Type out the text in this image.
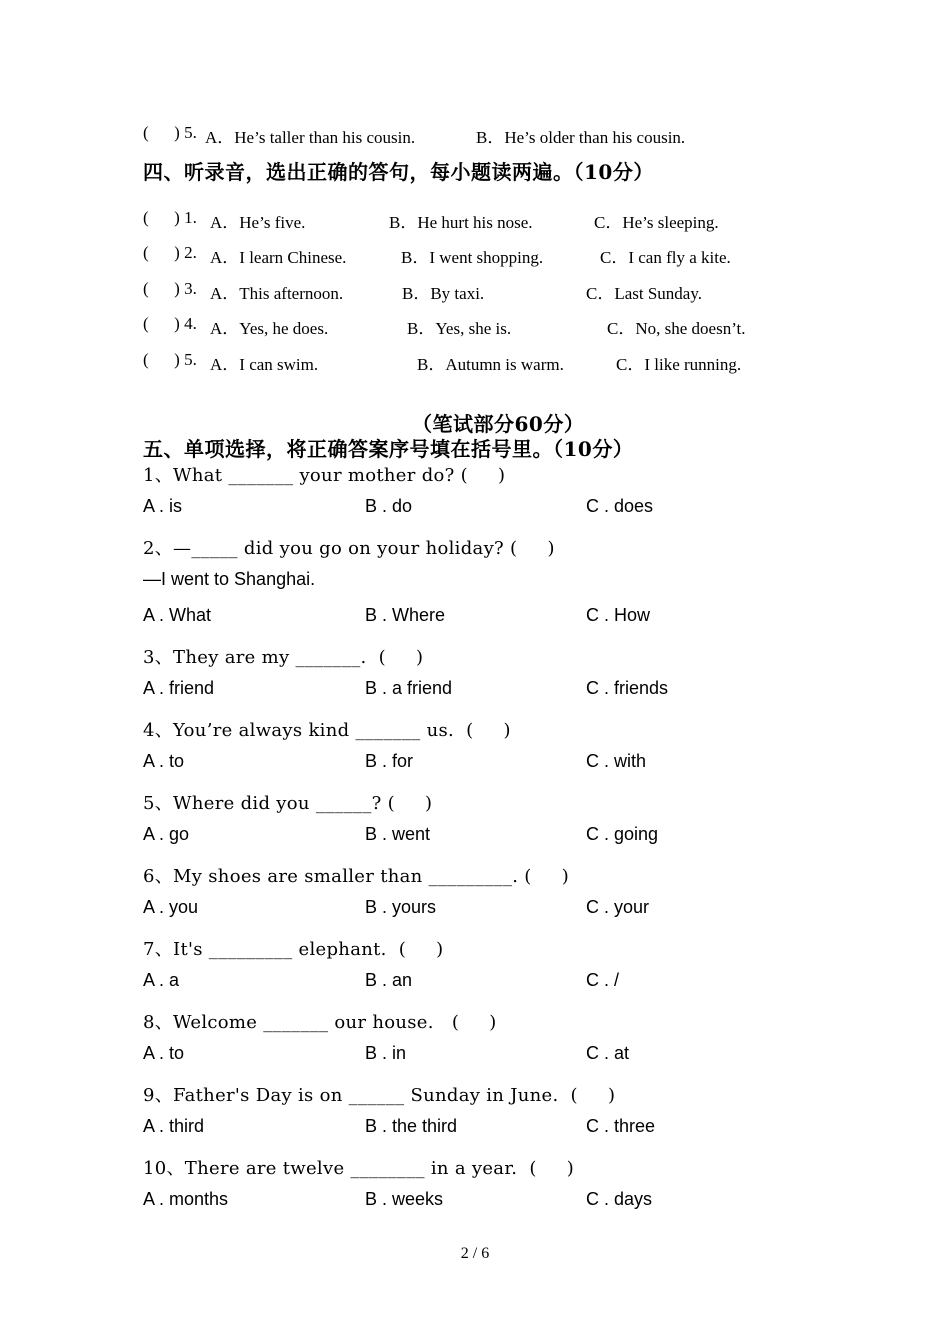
(      ) 5. A．He’s taller than his cousin.	B．He’s older than his cousin.
四、听录音，选出正确的答句，每小题读两遍。（10分）
(      ) 1. A．He’s five.	B．He hurt his nose.	C．He’s sleeping.
(      ) 2. A．I learn Chinese.	B．I went shopping.	C．I can fly a kite.
(      ) 3. A．This afternoon.	B．By taxi.	C．Last Sunday.
(      ) 4. A．Yes, he does.	B．Yes, she is.	C．No, she doesn’t.
(      ) 5. A．I can swim.	B．Autumn is warm.	C．I like running.
（笔试部分60分）
五、单项选择，将正确答案序号填在括号里。（10分）
1、What _______ your mother do? (     )
A . is	B . do	C . does
2、—_____ did you go on your holiday? (     )
—I went to Shanghai.
A . What	B . Where	C . How
3、They are my _______.  (     )
A . friend	B . a friend	C . friends
4、You’re always kind _______ us.  (     )
A . to	B . for	C . with
5、Where did you ______? (     )
A . go	B . went	C . going
6、My shoes are smaller than _________. (     )
A . you	B . yours	C . your
7、It's _________ elephant.  (     )
A . a	B . an	C . /
8、Welcome _______ our house.   (     )
A . to	B . in	C . at
9、Father's Day is on ______ Sunday in June.  (     )
A . third	B . the third	C . three
10、There are twelve ________ in a year.  (     )
A . months	B . weeks	C . days
2 / 6
